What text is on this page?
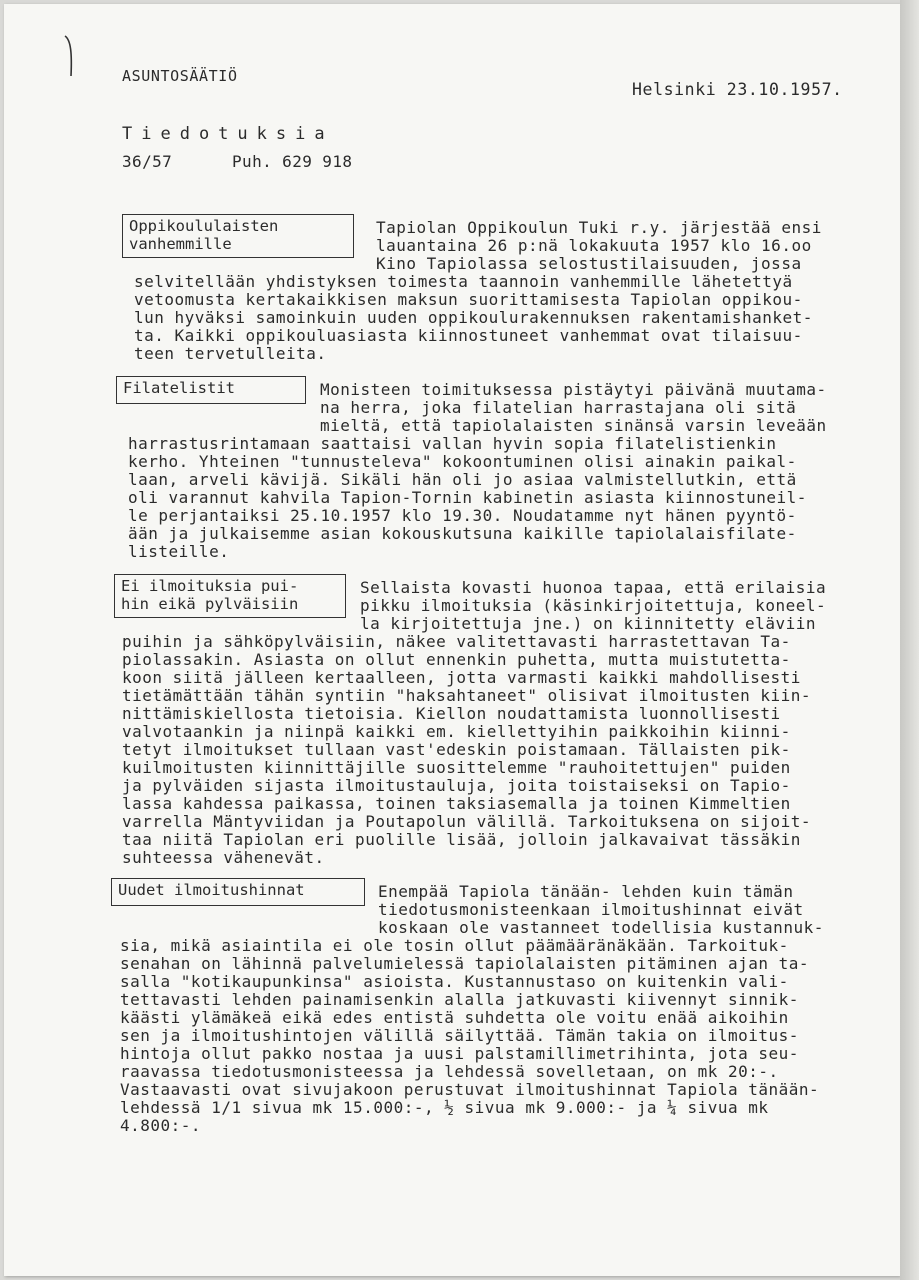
ASUNTOSÄÄTIÖ
Helsinki 23.10.1957.
Tiedotuksia
36/57	Puh. 629 918
Oppikoululaisten
vanhemmille
Tapiolan Oppikoulun Tuki r.y. järjestää ensi
lauantaina 26 p:nä lokakuuta 1957 klo 16.oo
Kino Tapiolassa selostustilaisuuden, jossa
selvitellään yhdistyksen toimesta taannoin vanhemmille lähetettyä
vetoomusta kertakaikkisen maksun suorittamisesta Tapiolan oppikou-
lun hyväksi samoinkuin uuden oppikoulurakennuksen rakentamishanket-
ta. Kaikki oppikouluasiasta kiinnostuneet vanhemmat ovat tilaisuu-
teen tervetulleita.
Filatelistit	Monisteen toimituksessa pistäytyi päivänä muutama-
na herra, joka filatelian harrastajana oli sitä
mieltä, että tapiolalaisten sinänsä varsin leveään
harrastusrintamaan saattaisi vallan hyvin sopia filatelistienkin
kerho. Yhteinen "tunnusteleva" kokoontuminen olisi ainakin paikal-
laan, arveli kävijä. Sikäli hän oli jo asiaa valmistellutkin, että
oli varannut kahvila Tapion-Tornin kabinetin asiasta kiinnostuneil-
le perjantaiksi 25.10.1957 klo 19.30. Noudatamme nyt hänen pyyntö-
ään ja julkaisemme asian kokouskutsuna kaikille tapiolalaisfilate-
listeille.
Ei ilmoituksia pui-
hin eikä pylväisiin
Sellaista kovasti huonoa tapaa, että erilaisia
pikku ilmoituksia (käsinkirjoitettuja, koneel-
la kirjoitettuja jne.) on kiinnitetty eläviin
puihin ja sähköpylväisiin, näkee valitettavasti harrastettavan Ta-
piolassakin. Asiasta on ollut ennenkin puhetta, mutta muistutetta-
koon siitä jälleen kertaalleen, jotta varmasti kaikki mahdollisesti
tietämättään tähän syntiin "haksahtaneet" olisivat ilmoitusten kiin-
nittämiskiellosta tietoisia. Kiellon noudattamista luonnollisesti
valvotaankin ja niinpä kaikki em. kiellettyihin paikkoihin kiinni-
tetyt ilmoitukset tullaan vast'edeskin poistamaan. Tällaisten pik-
kuilmoitusten kiinnittäjille suosittelemme "rauhoitettujen" puiden
ja pylväiden sijasta ilmoitustauluja, joita toistaiseksi on Tapio-
lassa kahdessa paikassa, toinen taksiasemalla ja toinen Kimmeltien
varrella Mäntyviidan ja Poutapolun välillä. Tarkoituksena on sijoit-
taa niitä Tapiolan eri puolille lisää, jolloin jalkavaivat tässäkin
suhteessa vähenevät.
Uudet ilmoitushinnat	Enempää Tapiola tänään- lehden kuin tämän
tiedotusmonisteenkaan ilmoitushinnat eivät
koskaan ole vastanneet todellisia kustannuk-
sia, mikä asiaintila ei ole tosin ollut päämääränäkään. Tarkoituk-
senahan on lähinnä palvelumielessä tapiolalaisten pitäminen ajan ta-
salla "kotikaupunkinsa" asioista. Kustannustaso on kuitenkin vali-
tettavasti lehden painamisenkin alalla jatkuvasti kiivennyt sinnik-
käästi ylämäkeä eikä edes entistä suhdetta ole voitu enää aikoihin
sen ja ilmoitushintojen välillä säilyttää. Tämän takia on ilmoitus-
hintoja ollut pakko nostaa ja uusi palstamillimetrihinta, jota seu-
raavassa tiedotusmonisteessa ja lehdessä sovelletaan, on mk 20:-.
Vastaavasti ovat sivujakoon perustuvat ilmoitushinnat Tapiola tänään-
lehdessä 1/1 sivua mk 15.000:-, ½ sivua mk 9.000:- ja ¼ sivua mk
4.800:-.
